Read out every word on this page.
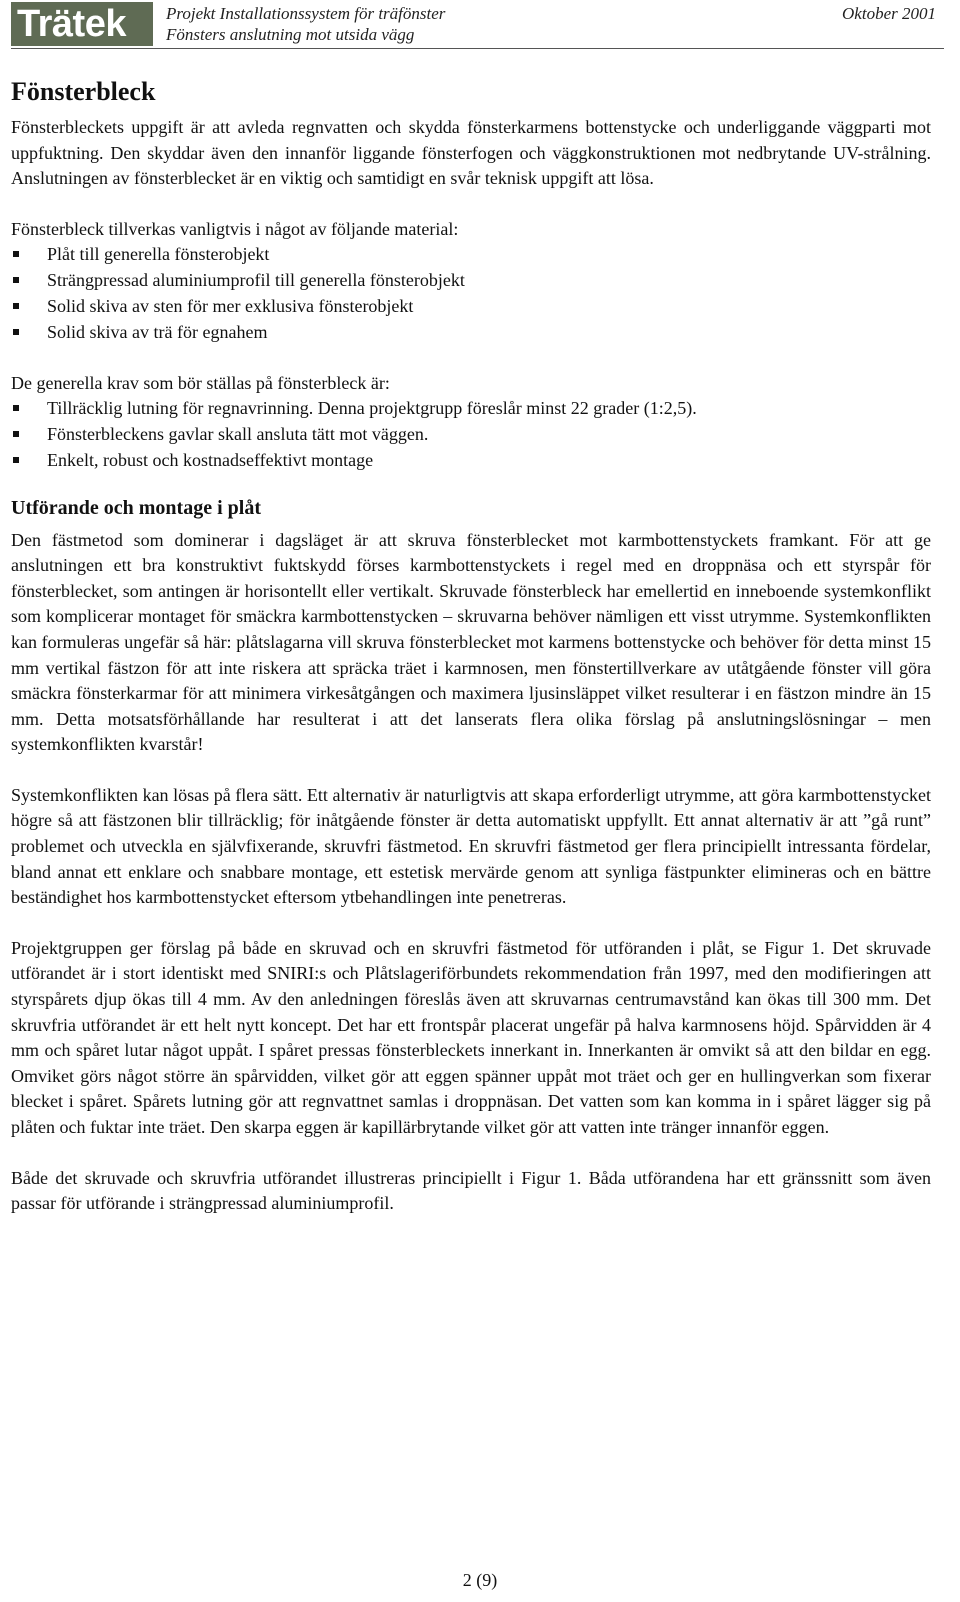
Trätek	Projekt Installationssystem för träfönster
Fönsters anslutning mot utsida vägg
Oktober 2001
Fönsterbleck

Fönsterbleckets uppgift är att avleda regnvatten och skydda fönsterkarmens bottenstycke och underliggande väggparti mot uppfuktning. Den skyddar även den innanför liggande fönsterfogen och väggkonstruktionen mot nedbrytande UV-strålning. Anslutningen av fönsterblecket är en viktig och samtidigt en svår teknisk uppgift att lösa.

Fönsterbleck tillverkas vanligtvis i något av följande material:

Plåt till generella fönsterobjekt
Strängpressad aluminiumprofil till generella fönsterobjekt
Solid skiva av sten för mer exklusiva fönsterobjekt
Solid skiva av trä för egnahem

De generella krav som bör ställas på fönsterbleck är:

Tillräcklig lutning för regnavrinning. Denna projektgrupp föreslår minst 22 grader (1:2,5).
Fönsterbleckens gavlar skall ansluta tätt mot väggen.
Enkelt, robust och kostnadseffektivt montage
Utförande och montage i plåt

Den fästmetod som dominerar i dagsläget är att skruva fönsterblecket mot karmbottenstyckets framkant. För att ge anslutningen ett bra konstruktivt fuktskydd förses karmbottenstyckets i regel med en droppnäsa och ett styrspår för fönsterblecket, som antingen är horisontellt eller vertikalt. Skruvade fönsterbleck har emellertid en inneboende systemkonflikt som komplicerar montaget för smäckra karmbottenstycken – skruvarna behöver nämligen ett visst utrymme. Systemkonflikten kan formuleras ungefär så här: plåtslagarna vill skruva fönsterblecket mot karmens bottenstycke och behöver för detta minst 15 mm vertikal fästzon för att inte riskera att spräcka träet i karmnosen, men fönstertillverkare av utåtgående fönster vill göra smäckra fönsterkarmar för att minimera virkesåtgången och maximera ljusinsläppet vilket resulterar i en fästzon mindre än 15 mm. Detta motsatsförhållande har resulterat i att det lanserats flera olika förslag på anslutningslösningar – men systemkonflikten kvarstår!

Systemkonflikten kan lösas på flera sätt. Ett alternativ är naturligtvis att skapa erforderligt utrymme, att göra karmbottenstycket högre så att fästzonen blir tillräcklig; för inåtgående fönster är detta automatiskt uppfyllt. Ett annat alternativ är att ”gå runt” problemet och utveckla en självfixerande, skruvfri fästmetod. En skruvfri fästmetod ger flera principiellt intressanta fördelar, bland annat ett enklare och snabbare montage, ett estetisk mervärde genom att synliga fästpunkter elimineras och en bättre beständighet hos karmbottenstycket eftersom ytbehandlingen inte penetreras.

Projektgruppen ger förslag på både en skruvad och en skruvfri fästmetod för utföranden i plåt, se Figur 1. Det skruvade utförandet är i stort identiskt med SNIRI:s och Plåtslageriförbundets rekommendation från 1997, med den modifieringen att styrspårets djup ökas till 4 mm. Av den anledningen föreslås även att skruvarnas centrumavstånd kan ökas till 300 mm. Det skruvfria utförandet är ett helt nytt koncept. Det har ett frontspår placerat ungefär på halva karmnosens höjd. Spårvidden är 4 mm och spåret lutar något uppåt. I spåret pressas fönsterbleckets innerkant in. Innerkanten är omvikt så att den bildar en egg. Omviket görs något större än spårvidden, vilket gör att eggen spänner uppåt mot träet och ger en hullingverkan som fixerar blecket i spåret. Spårets lutning gör att regnvattnet samlas i droppnäsan. Det vatten som kan komma in i spåret lägger sig på plåten och fuktar inte träet. Den skarpa eggen är kapillärbrytande vilket gör att vatten inte tränger innanför eggen.

Både det skruvade och skruvfria utförandet illustreras principiellt i Figur 1. Båda utförandena har ett gränssnitt som även passar för utförande i strängpressad aluminiumprofil.

2 (9)
